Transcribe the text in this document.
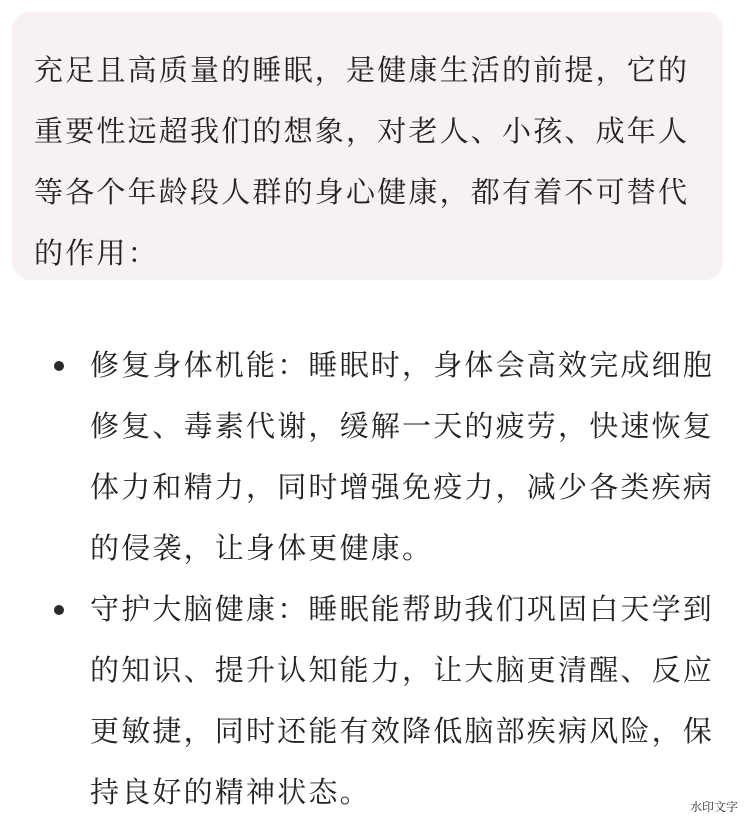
充足且高质量的睡眠，是健康生活的前提，它的重要性远超我们的想象，对老人、小孩、成年人等各个年龄段人群的身心健康，都有着不可替代的作用：

修复身体机能：睡眠时，身体会高效完成细胞修复、毒素代谢，缓解一天的疲劳，快速恢复体力和精力，同时增强免疫力，减少各类疾病的侵袭，让身体更健康。
守护大脑健康：睡眠能帮助我们巩固白天学到的知识、提升认知能力，让大脑更清醒、反应更敏捷，同时还能有效降低脑部疾病风险，保持良好的精神状态。	水印文字
